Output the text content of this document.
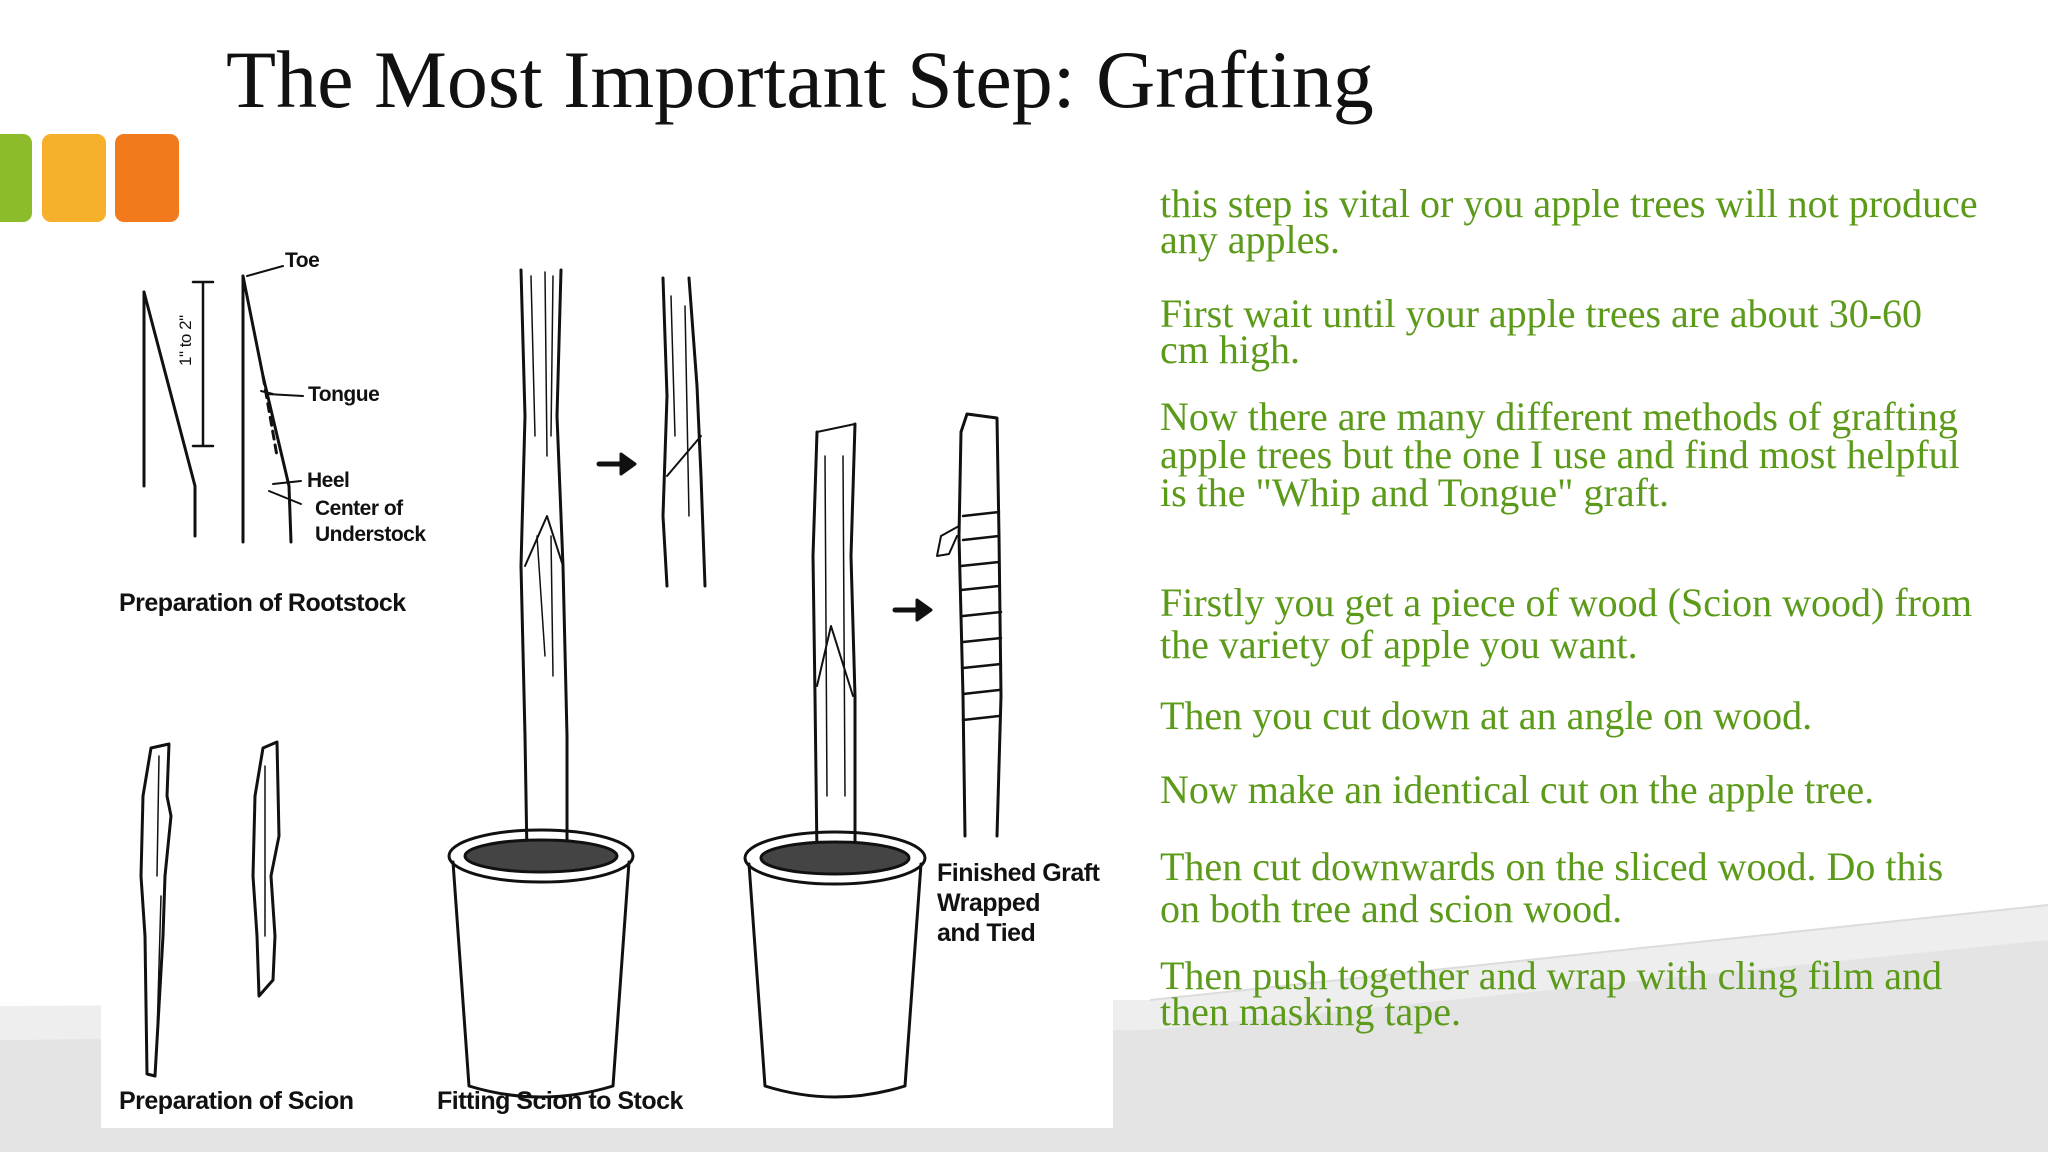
The Most Important Step: Grafting

Toe

Tongue

Heel

Center of

Understock

1" to 2"

Preparation of Rootstock

Preparation of Scion	Fitting Scion to Stock

Finished Graft

Wrapped

and Tied

this step is vital or you apple trees will not produce any apples.
First wait until your apple trees are about 30-60 cm high.
Now there are many different methods of grafting apple trees but the one I use and find most helpful is the "Whip and Tongue" graft.
Firstly you get a piece of wood (Scion wood) from the variety of apple you want.
Then you cut down at an angle on wood.
Now make an identical cut on the apple tree.
Then cut downwards on the sliced wood. Do this on both tree and scion wood.
Then push together and wrap with cling film and then masking tape.
